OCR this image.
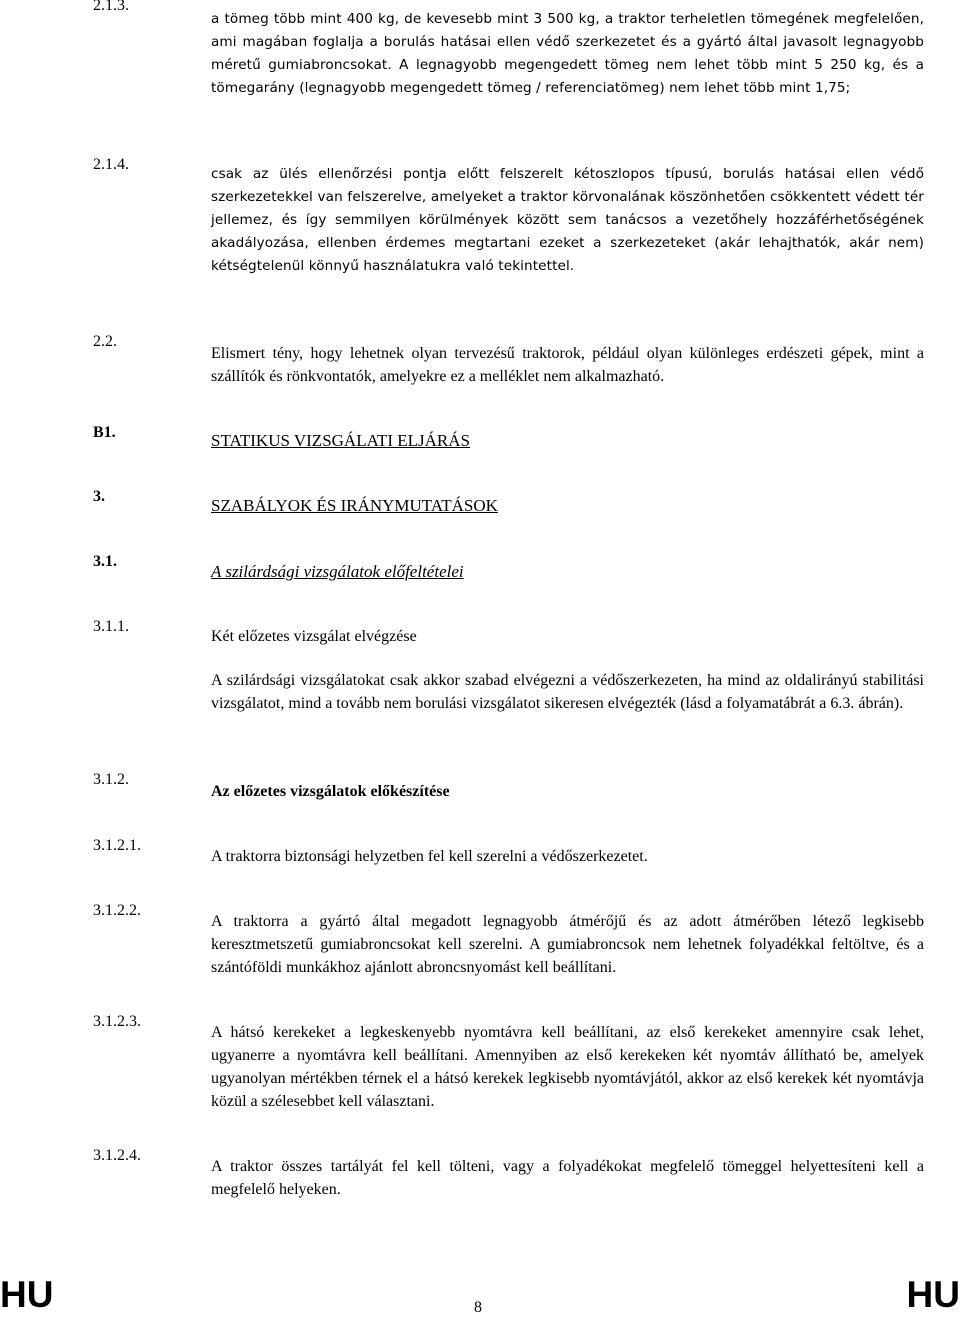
2.1.3.
a tömeg több mint 400 kg, de kevesebb mint 3 500 kg, a traktor terheletlen tömegének megfelelően, ami magában foglalja a borulás hatásai ellen védő szerkezetet és a gyártó által javasolt legnagyobb méretű gumiabroncsokat. A legnagyobb megengedett tömeg nem lehet több mint 5 250 kg, és a tömegarány (legnagyobb megengedett tömeg / referenciatömeg) nem lehet több mint 1,75;
2.1.4.
csak az ülés ellenőrzési pontja előtt felszerelt kétoszlopos típusú, borulás hatásai ellen védő szerkezetekkel van felszerelve, amelyeket a traktor körvonalának köszönhetően csökkentett védett tér jellemez, és így semmilyen körülmények között sem tanácsos a vezetőhely hozzáférhetőségének akadályozása, ellenben érdemes megtartani ezeket a szerkezeteket (akár lehajthatók, akár nem) kétségtelenül könnyű használatukra való tekintettel.
2.2.
Elismert tény, hogy lehetnek olyan tervezésű traktorok, például olyan különleges erdészeti gépek, mint a szállítók és rönkvontatók, amelyekre ez a melléklet nem alkalmazható.
B1.	STATIKUS VIZSGÁLATI ELJÁRÁS
3.	SZABÁLYOK ÉS IRÁNYMUTATÁSOK
3.1.
A szilárdsági vizsgálatok előfeltételei
3.1.1.
Két előzetes vizsgálat elvégzése
A szilárdsági vizsgálatokat csak akkor szabad elvégezni a védőszerkezeten, ha mind az oldalirányú stabilitási vizsgálatot, mind a tovább nem borulási vizsgálatot sikeresen elvégezték (lásd a folyamatábrát a 6.3. ábrán).
3.1.2.
Az előzetes vizsgálatok előkészítése
3.1.2.1.
A traktorra biztonsági helyzetben fel kell szerelni a védőszerkezetet.
3.1.2.2.
A traktorra a gyártó által megadott legnagyobb átmérőjű és az adott átmérőben létező legkisebb keresztmetszetű gumiabroncsokat kell szerelni. A gumiabroncsok nem lehetnek folyadékkal feltöltve, és a szántóföldi munkákhoz ajánlott abroncsnyomást kell beállítani.
3.1.2.3.
A hátsó kerekeket a legkeskenyebb nyomtávra kell beállítani, az első kerekeket amennyire csak lehet, ugyanerre a nyomtávra kell beállítani. Amennyiben az első kerekeken két nyomtáv állítható be, amelyek ugyanolyan mértékben térnek el a hátsó kerekek legkisebb nyomtávjától, akkor az első kerekek két nyomtávja közül a szélesebbet kell választani.
3.1.2.4.
A traktor összes tartályát fel kell tölteni, vagy a folyadékokat megfelelő tömeggel helyettesíteni kell a megfelelő helyeken.
HU	8	HU
